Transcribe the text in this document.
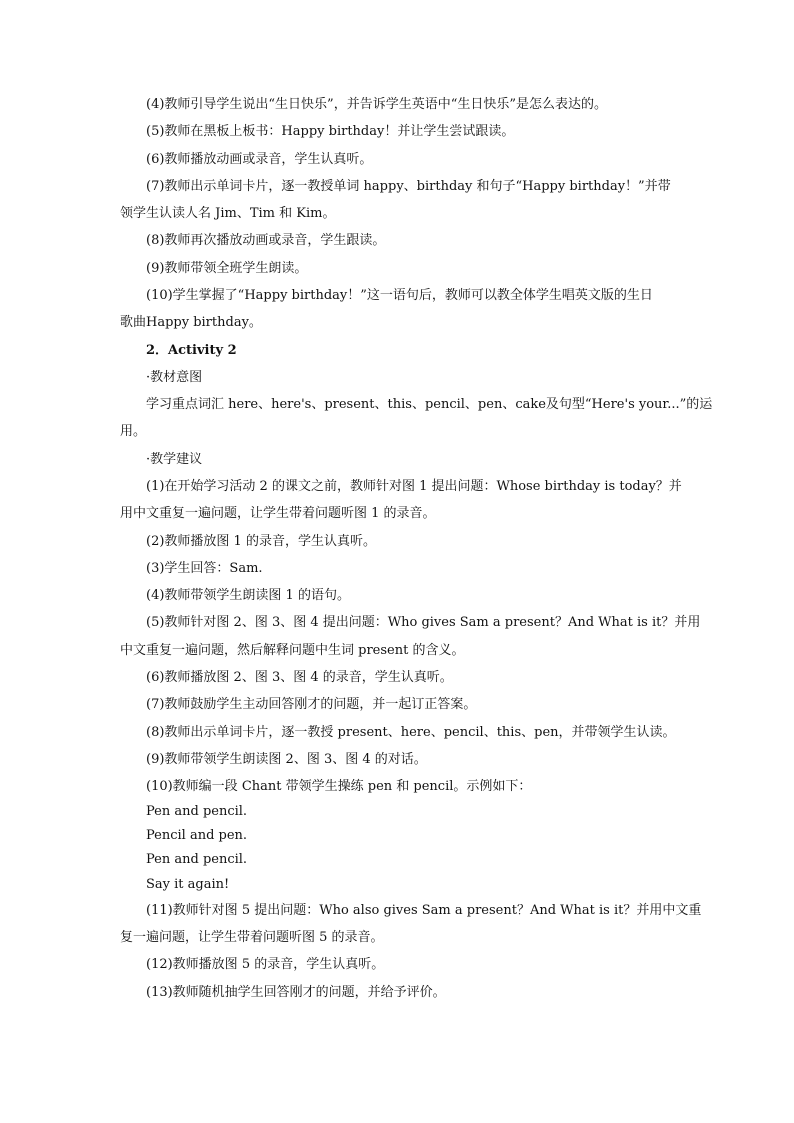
(4)教师引导学生说出“生日快乐”，并告诉学生英语中“生日快乐”是怎么表达的。
(5)教师在黑板上板书：Happy birthday！并让学生尝试跟读。
(6)教师播放动画或录音，学生认真听。
(7)教师出示单词卡片，逐一教授单词 happy、birthday 和句子“Happy birthday！”并带
领学生认读人名 Jim、Tim 和 Kim。
(8)教师再次播放动画或录音，学生跟读。
(9)教师带领全班学生朗读。
(10)学生掌握了“Happy birthday！”这一语句后，教师可以教全体学生唱英文版的生日
歌曲Happy birthday。
2．Activity 2
·教材意图
学习重点词汇 here、here's、present、this、pencil、pen、cake及句型“Here's your...”的运
用。
·教学建议
(1)在开始学习活动 2 的课文之前，教师针对图 1 提出问题：Whose birthday is today？并
用中文重复一遍问题，让学生带着问题听图 1 的录音。
(2)教师播放图 1 的录音，学生认真听。
(3)学生回答：Sam.
(4)教师带领学生朗读图 1 的语句。
(5)教师针对图 2、图 3、图 4 提出问题：Who gives Sam a present？And What is it？并用
中文重复一遍问题，然后解释问题中生词 present 的含义。
(6)教师播放图 2、图 3、图 4 的录音，学生认真听。
(7)教师鼓励学生主动回答刚才的问题，并一起订正答案。
(8)教师出示单词卡片，逐一教授 present、here、pencil、this、pen，并带领学生认读。
(9)教师带领学生朗读图 2、图 3、图 4 的对话。
(10)教师编一段 Chant 带领学生操练 pen 和 pencil。示例如下：
Pen and pencil.
Pencil and pen.
Pen and pencil.
Say it again!
(11)教师针对图 5 提出问题：Who also gives Sam a present？And What is it？并用中文重
复一遍问题，让学生带着问题听图 5 的录音。
(12)教师播放图 5 的录音，学生认真听。
(13)教师随机抽学生回答刚才的问题，并给予评价。
